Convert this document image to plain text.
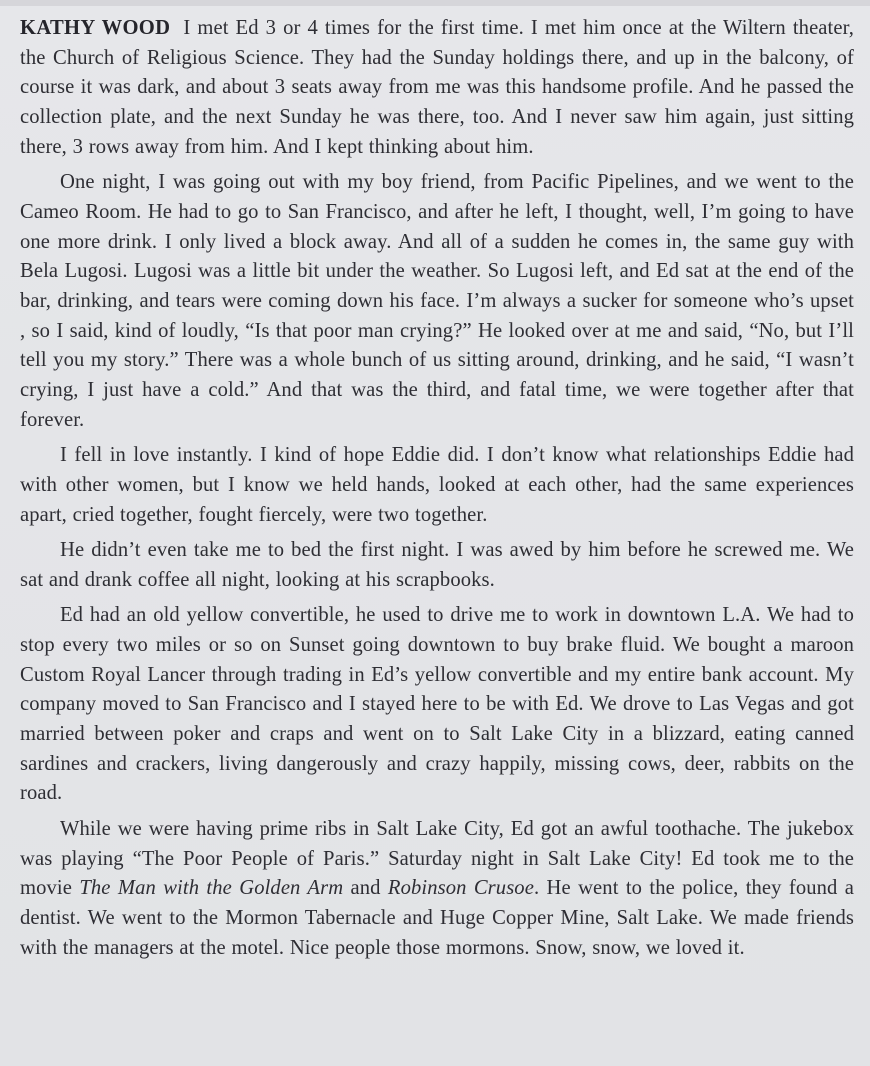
KATHY WOOD I met Ed 3 or 4 times for the first time. I met him once at the Wiltern theater, the Church of Religious Science. They had the Sunday holdings there, and up in the balcony, of course it was dark, and about 3 seats away from me was this handsome profile. And he passed the collection plate, and the next Sunday he was there, too. And I never saw him again, just sitting there, 3 rows away from him. And I kept thinking about him.

One night, I was going out with my boy friend, from Pacific Pipelines, and we went to the Cameo Room. He had to go to San Francisco, and after he left, I thought, well, I’m going to have one more drink. I only lived a block away. And all of a sudden he comes in, the same guy with Bela Lugosi. Lugosi was a little bit under the weather. So Lugosi left, and Ed sat at the end of the bar, drinking, and tears were coming down his face. I’m always a sucker for someone who’s upset , so I said, kind of loudly, “Is that poor man crying?” He looked over at me and said, “No, but I’ll tell you my story.” There was a whole bunch of us sitting around, drinking, and he said, “I wasn’t crying, I just have a cold.” And that was the third, and fatal time, we were together after that forever.

I fell in love instantly. I kind of hope Eddie did. I don’t know what relationships Eddie had with other women, but I know we held hands, looked at each other, had the same experiences apart, cried together, fought fiercely, were two together.

He didn’t even take me to bed the first night. I was awed by him before he screwed me. We sat and drank coffee all night, looking at his scrapbooks.

Ed had an old yellow convertible, he used to drive me to work in downtown L.A. We had to stop every two miles or so on Sunset going downtown to buy brake fluid. We bought a maroon Custom Royal Lancer through trading in Ed’s yellow convertible and my entire bank account. My company moved to San Francisco and I stayed here to be with Ed. We drove to Las Vegas and got married between poker and craps and went on to Salt Lake City in a blizzard, eating canned sardines and crackers, living dangerously and crazy happily, missing cows, deer, rabbits on the road.

While we were having prime ribs in Salt Lake City, Ed got an awful toothache. The jukebox was playing “The Poor People of Paris.” Saturday night in Salt Lake City! Ed took me to the movie The Man with the Golden Arm and Robinson Crusoe. He went to the police, they found a dentist. We went to the Mormon Tabernacle and Huge Copper Mine, Salt Lake. We made friends with the managers at the motel. Nice people those mormons. Snow, snow, we loved it.
